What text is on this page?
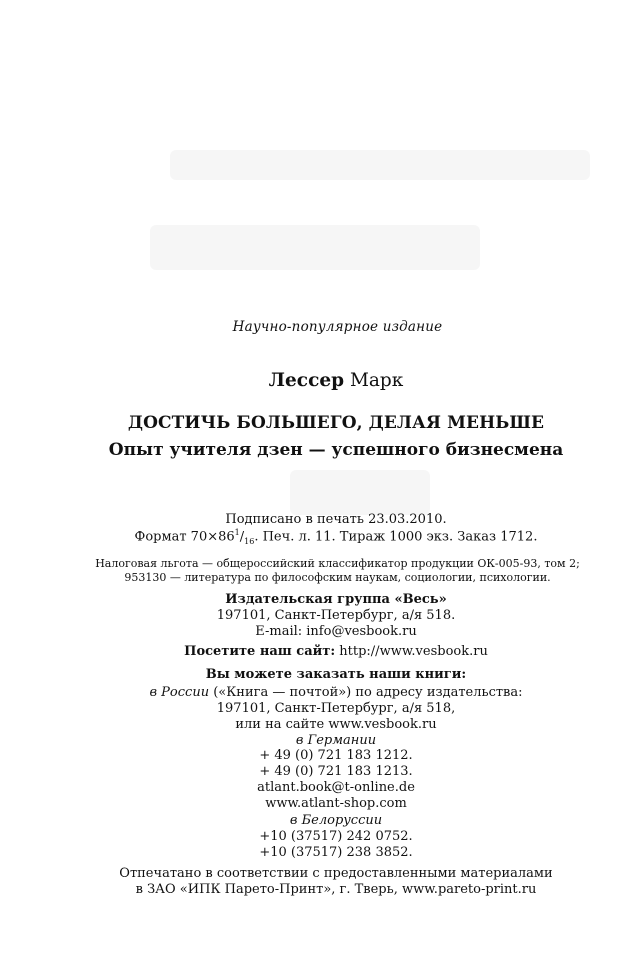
Научно-популярное издание
Лессер Марк
ДОСТИЧЬ БОЛЬШЕГО, ДЕЛАЯ МЕНЬШЕ
Опыт учителя дзен — успешного бизнесмена
Подписано в печать 23.03.2010.
Формат $70\times 86^1/_{16}$. Печ. л. 11. Тираж 1000 экз. Заказ 1712.
Налоговая льгота — общероссийский классификатор продукции ОК-005-93, том 2;
953130 — литература по философским наукам, социологии, психологии.
Издательская группа «Весь»
197101, Санкт-Петербург, а/я 518.
E-mail: info@vesbook.ru
Посетите наш сайт: http://www.vesbook.ru
Вы можете заказать наши книги:
в России («Книга — почтой») по адресу издательства:
197101, Санкт-Петербург, а/я 518,
или на сайте www.vesbook.ru
в Германии
+ 49 (0) 721 183 1212.
+ 49 (0) 721 183 1213.
atlant.book@t-online.de
www.atlant-shop.com
в Белоруссии
+10 (37517) 242 0752.
+10 (37517) 238 3852.
Отпечатано в соответствии с предоставленными материалами
в ЗАО «ИПК Парето-Принт», г. Тверь, www.pareto-print.ru
